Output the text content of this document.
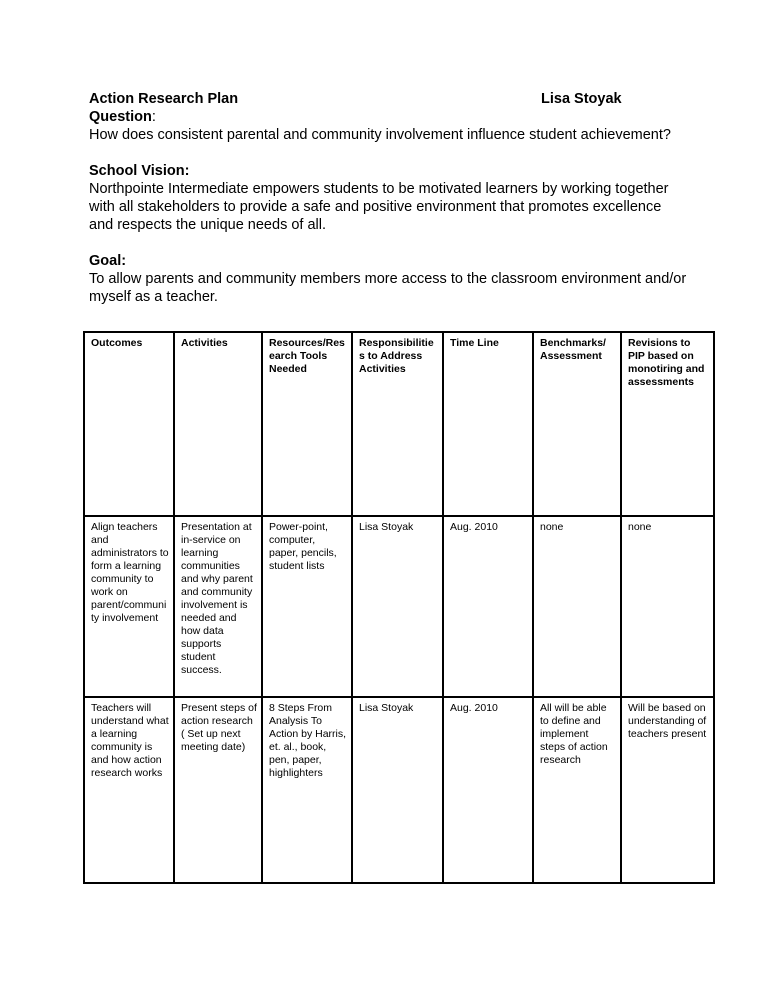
Action Research Plan	Lisa Stoyak
Question:

How does consistent parental and community involvement influence student achievement?

School Vision:

Northpointe Intermediate empowers students to be motivated learners by working together with all stakeholders to provide a safe and positive environment that promotes excellence and respects the unique needs of all.

Goal:

To allow parents and community members more access to the classroom environment and/or myself as a teacher.

Outcomes	Activities	Resources/Research Tools Needed	Responsibilities to Address Activities	Time Line	Benchmarks/ Assessment	Revisions to PIP based on monotiring and assessments
Align teachers and administrators to form a learning community to work on parent/community involvement	Presentation at in-service on learning communities and why parent and community involvement is needed and how data supports student success.	Power-point, computer, paper, pencils, student lists	Lisa Stoyak	Aug. 2010	none	none
Teachers will understand what a learning community is and how action research works	Present steps of action research ( Set up next meeting date)	8 Steps From Analysis To Action by Harris, et. al., book, pen, paper, highlighters	Lisa Stoyak	Aug. 2010	All will be able to define and implement steps of action research	Will be based on understanding of teachers present
